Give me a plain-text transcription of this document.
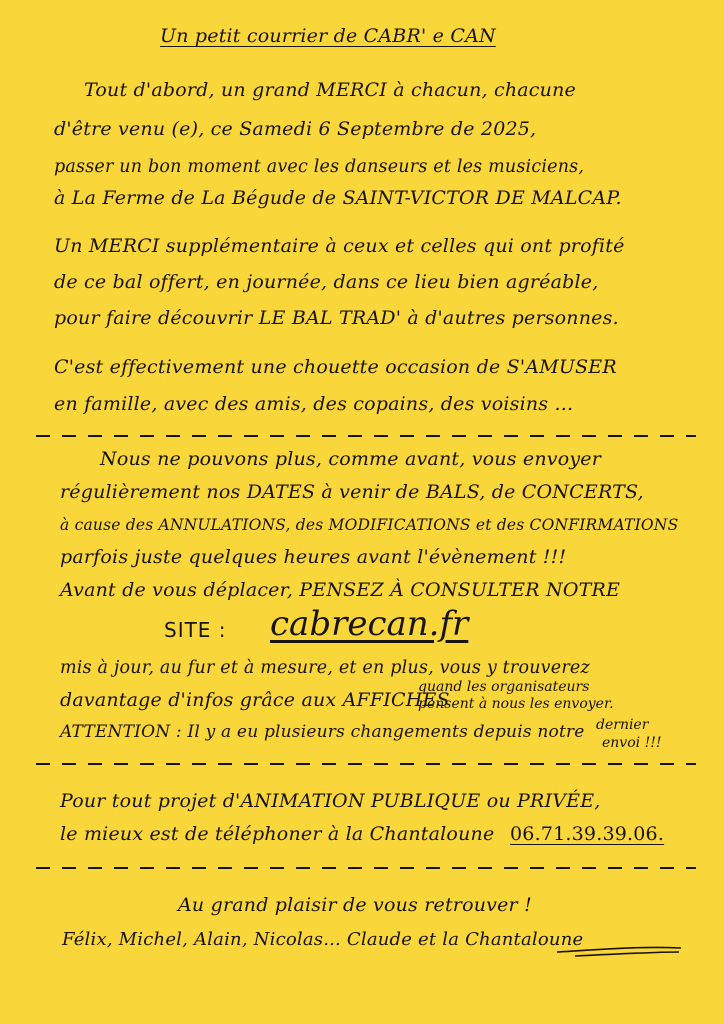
Un petit courrier de CABR' e CAN
Tout d'abord, un grand MERCI à chacun, chacune
d'être venu (e), ce Samedi 6 Septembre de 2025,
passer un bon moment avec les danseurs et les musiciens,
à La Ferme de La Bégude de SAINT-VICTOR DE MALCAP.
Un MERCI supplémentaire à ceux et celles qui ont profité
de ce bal offert, en journée, dans ce lieu bien agréable,
pour faire découvrir LE BAL TRAD' à d'autres personnes.
C'est effectivement une chouette occasion de S'AMUSER
en famille, avec des amis, des copains, des voisins ...
Nous ne pouvons plus, comme avant, vous envoyer
régulièrement nos DATES à venir de BALS, de CONCERTS,
à cause des ANNULATIONS, des MODIFICATIONS et des CONFIRMATIONS
parfois juste quelques heures avant l'évènement !!!
Avant de vous déplacer, PENSEZ À CONSULTER NOTRE
SITE : cabrecan.fr
mis à jour, au fur et à mesure, et en plus, vous y trouverez
davantage d'infos grâce aux AFFICHES
quand les organisateurs
pensent à nous les envoyer.
ATTENTION : Il y a eu plusieurs changements depuis notre dernier
envoi !!!
Pour tout projet d'ANIMATION PUBLIQUE ou PRIVÉE,
le mieux est de téléphoner à la Chantaloune 06.71.39.39.06.
Au grand plaisir de vous retrouver !
Félix, Michel, Alain, Nicolas... Claude et la Chantaloune
